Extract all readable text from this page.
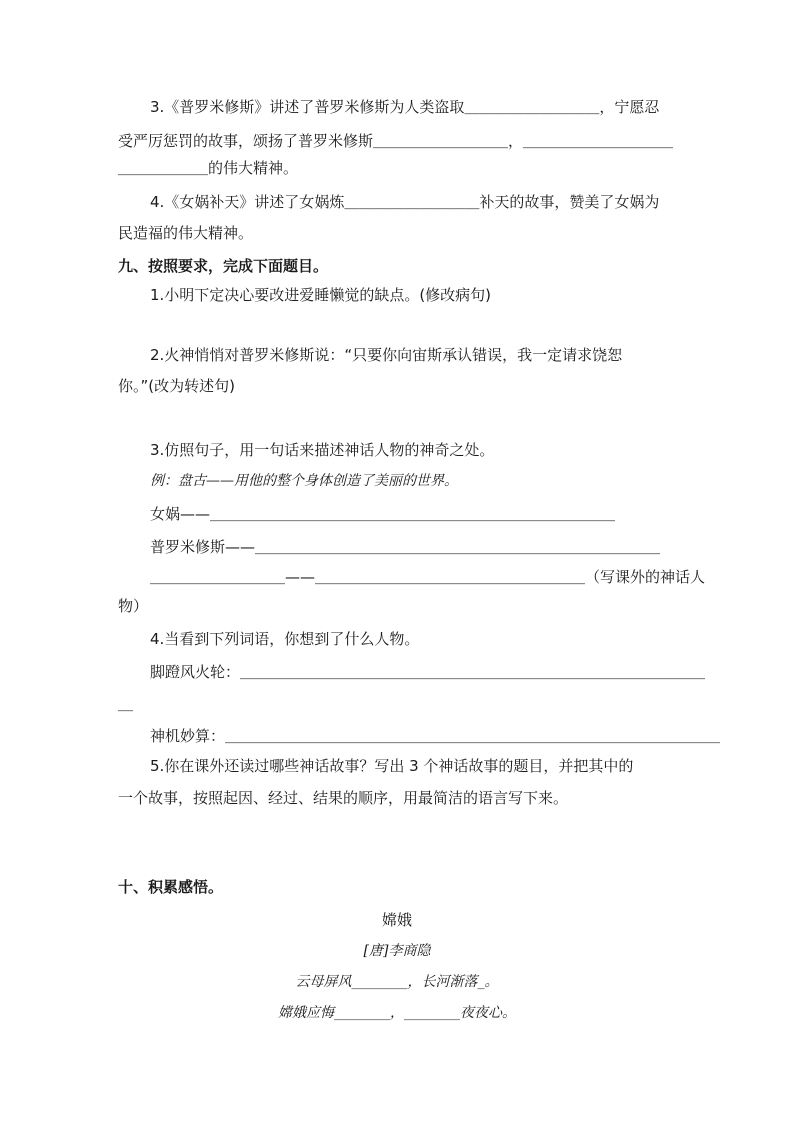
3.《普罗米修斯》讲述了普罗米修斯为人类盗取＿＿＿＿＿＿＿＿＿，宁愿忍
受严厉惩罚的故事，颂扬了普罗米修斯＿＿＿＿＿＿＿＿＿，＿＿＿＿＿＿＿＿＿＿
＿＿＿＿＿＿的伟大精神。
4.《女娲补天》讲述了女娲炼＿＿＿＿＿＿＿＿＿补天的故事，赞美了女娲为
民造福的伟大精神。
九、按照要求，完成下面题目。
1.小明下定决心要改进爱睡懒觉的缺点。(修改病句)
2.火神悄悄对普罗米修斯说：“只要你向宙斯承认错误，我一定请求饶恕
你。”(改为转述句)
3.仿照句子，用一句话来描述神话人物的神奇之处。
例：盘古——用他的整个身体创造了美丽的世界。
女娲——＿＿＿＿＿＿＿＿＿＿＿＿＿＿＿＿＿＿＿＿＿＿＿＿＿＿＿
普罗米修斯——＿＿＿＿＿＿＿＿＿＿＿＿＿＿＿＿＿＿＿＿＿＿＿＿＿＿＿
＿＿＿＿＿＿＿＿＿——＿＿＿＿＿＿＿＿＿＿＿＿＿＿＿＿＿＿（写课外的神话人
物）
4.当看到下列词语，你想到了什么人物。
脚蹬风火轮：＿＿＿＿＿＿＿＿＿＿＿＿＿＿＿＿＿＿＿＿＿＿＿＿＿＿＿＿＿＿＿
＿
神机妙算：＿＿＿＿＿＿＿＿＿＿＿＿＿＿＿＿＿＿＿＿＿＿＿＿＿＿＿＿＿＿＿＿＿
5.你在课外还读过哪些神话故事？写出 3 个神话故事的题目，并把其中的
一个故事，按照起因、经过、结果的顺序，用最简洁的语言写下来。
十、积累感悟。
嫦娥
[唐]李商隐
云母屏风________，长河渐落_。
嫦娥应悔________，________夜夜心。
